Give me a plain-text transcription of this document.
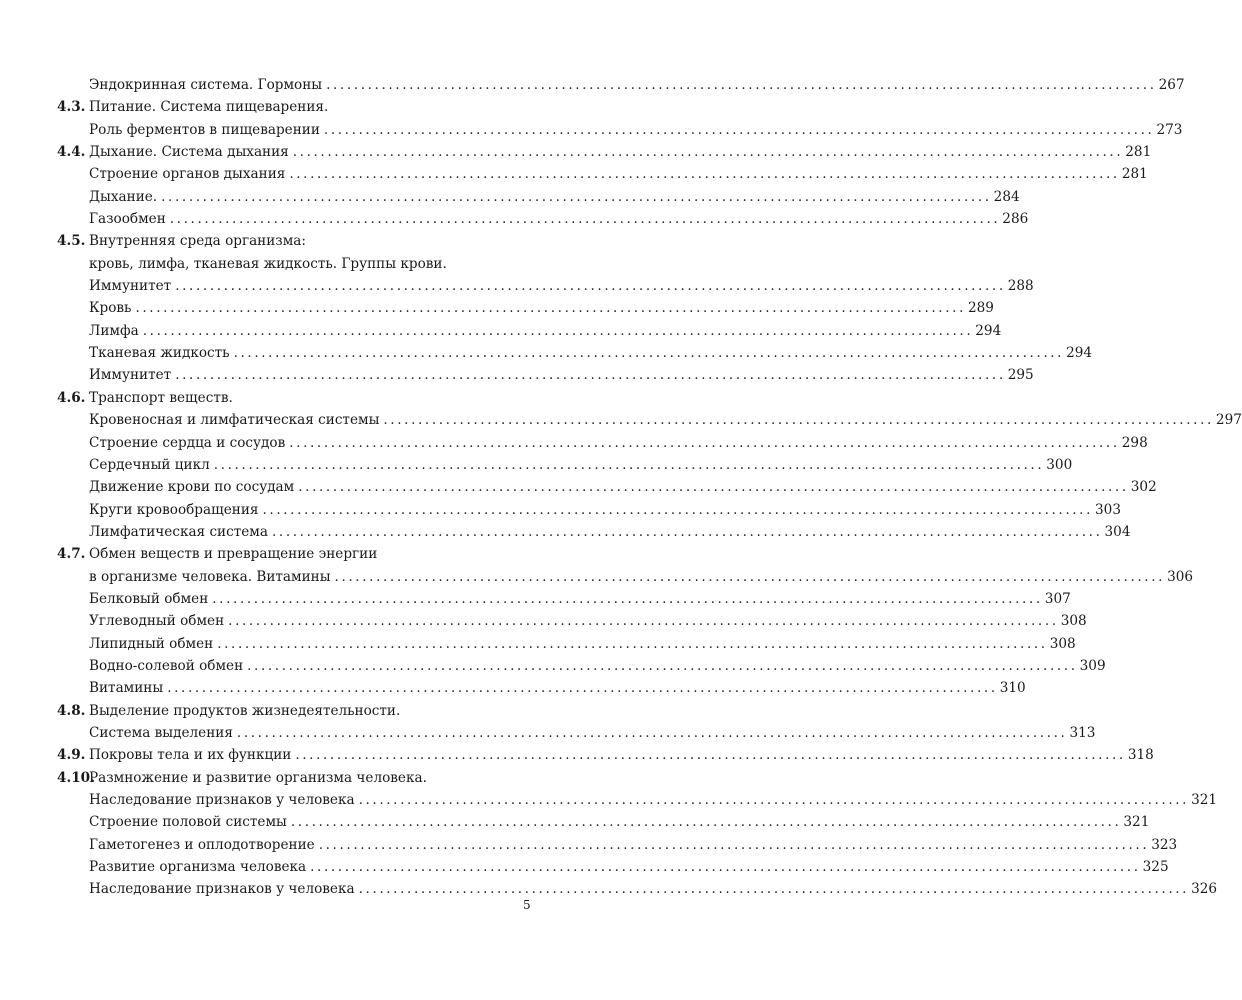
Эндокринная система. Гормоны ........................................................................................................................ 267
4.3. Питание. Система пищеварения.
Роль ферментов в пищеварении ........................................................................................................................ 273
4.4. Дыхание. Система дыхания ........................................................................................................................ 281
Строение органов дыхания ........................................................................................................................ 281
Дыхание. ........................................................................................................................ 284
Газообмен ........................................................................................................................ 286
4.5. Внутренняя среда организма:
кровь, лимфа, тканевая жидкость. Группы крови.
Иммунитет ........................................................................................................................ 288
Кровь ........................................................................................................................ 289
Лимфа ........................................................................................................................ 294
Тканевая жидкость ........................................................................................................................ 294
Иммунитет ........................................................................................................................ 295
4.6. Транспорт веществ.
Кровеносная и лимфатическая системы ........................................................................................................................ 297
Строение сердца и сосудов ........................................................................................................................ 298
Сердечный цикл ........................................................................................................................ 300
Движение крови по сосудам ........................................................................................................................ 302
Круги кровообращения ........................................................................................................................ 303
Лимфатическая система ........................................................................................................................ 304
4.7. Обмен веществ и превращение энергии
в организме человека. Витамины ........................................................................................................................ 306
Белковый обмен ........................................................................................................................ 307
Углеводный обмен ........................................................................................................................ 308
Липидный обмен ........................................................................................................................ 308
Водно-солевой обмен ........................................................................................................................ 309
Витамины ........................................................................................................................ 310
4.8. Выделение продуктов жизнедеятельности.
Система выделения ........................................................................................................................ 313
4.9. Покровы тела и их функции ........................................................................................................................ 318
4.10.
Размножение и развитие организма человека.
Наследование признаков у человека ........................................................................................................................ 321
Строение половой системы ........................................................................................................................ 321
Гаметогенез и оплодотворение ........................................................................................................................ 323
Развитие организма человека ........................................................................................................................ 325
Наследование признаков у человека ........................................................................................................................ 326
5
